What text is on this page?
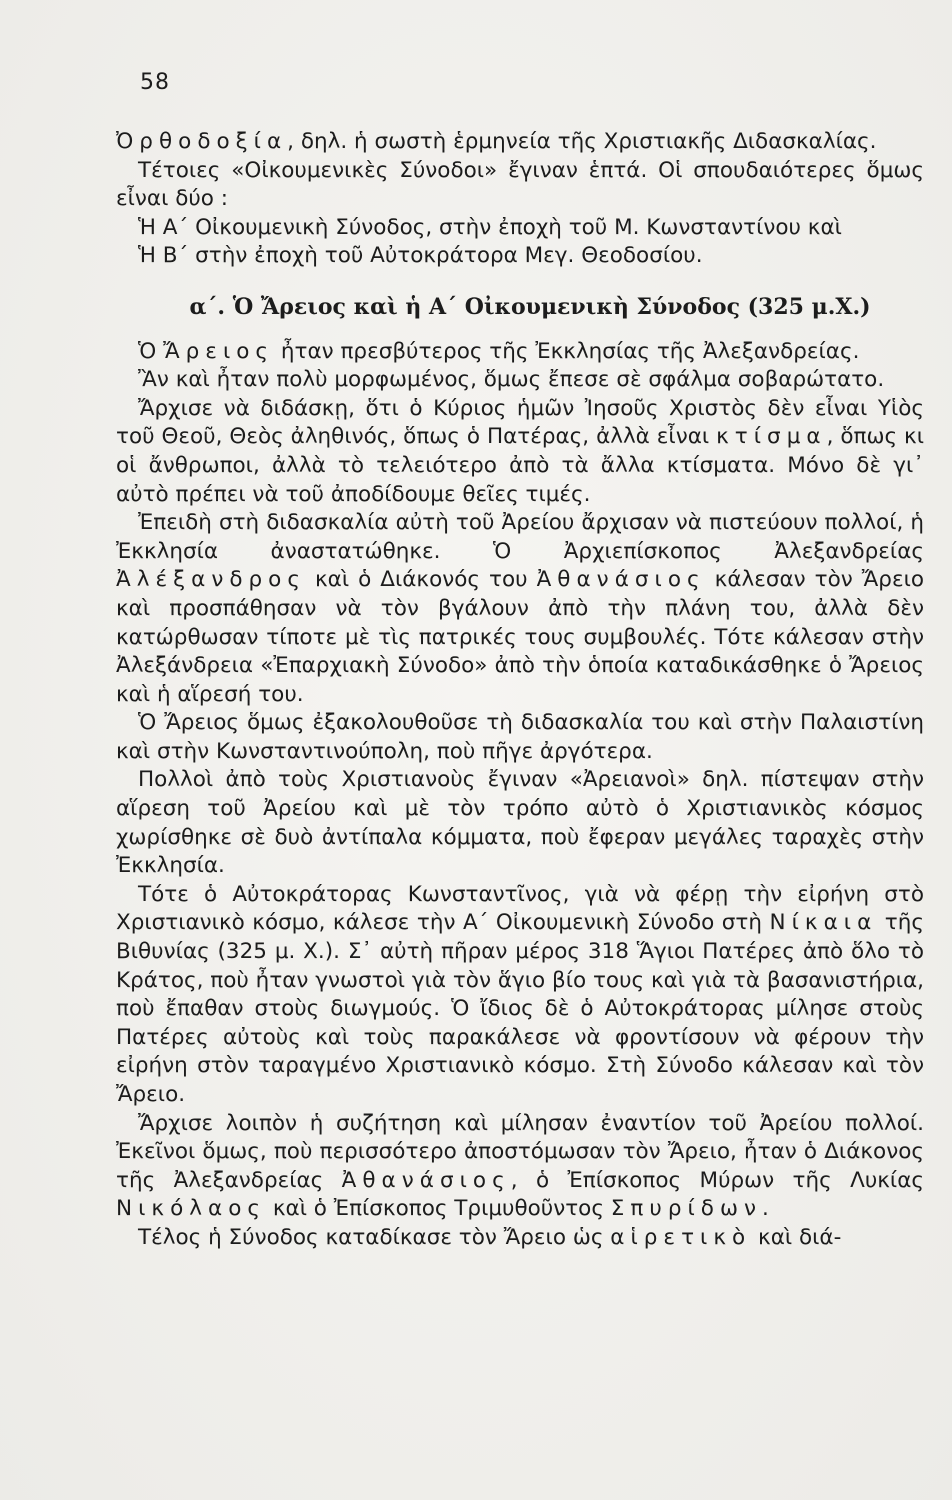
58

Ὀρθοδοξία, δηλ. ἡ σωστὴ ἑρμηνεία τῆς Χριστιακῆς Διδασκαλίας.

Τέτοιες «Οἰκουμενικὲς Σύνοδοι» ἔγιναν ἑπτά. Οἱ σπουδαιότερες ὅμως εἶναι δύο :

Ἡ Α΄ Οἰκουμενικὴ Σύνοδος, στὴν ἐποχὴ τοῦ Μ. Κωνσταντίνου καὶ

Ἡ Β΄ στὴν ἐποχὴ τοῦ Αὐτοκράτορα Μεγ. Θεοδοσίου.

α΄. Ὁ Ἄρειος καὶ ἡ Α΄ Οἰκουμενικὴ Σύνοδος (325 μ.Χ.)

Ὁ Ἄρειος ἦταν πρεσβύτερος τῆς Ἐκκλησίας τῆς Ἀλεξανδρείας.

Ἂν καὶ ἦταν πολὺ μορφωμένος, ὅμως ἔπεσε σὲ σφάλμα σοβαρώτατο.

Ἄρχισε νὰ διδάσκῃ, ὅτι ὁ Κύριος ἡμῶν Ἰησοῦς Χριστὸς δὲν εἶναι Υἱὸς τοῦ Θεοῦ, Θεὸς ἀληθινός, ὅπως ὁ Πατέρας, ἀλλὰ εἶναι κτίσμα, ὅπως κι οἱ ἄνθρωποι, ἀλλὰ τὸ τελειότερο ἀπὸ τὰ ἄλλα κτίσματα. Μόνο δὲ γι᾽ αὐτὸ πρέπει νὰ τοῦ ἀποδίδουμε θεῖες τιμές.

Ἐπειδὴ στὴ διδασκαλία αὐτὴ τοῦ Ἀρείου ἄρχισαν νὰ πιστεύουν πολλοί, ἡ Ἐκκλησία ἀναστατώθηκε. Ὁ Ἀρχιεπίσκοπος Ἀλεξανδρείας Ἀλέξανδρος καὶ ὁ Διάκονός του Ἀθανάσιος κάλεσαν τὸν Ἄρειο καὶ προσπάθησαν νὰ τὸν βγάλουν ἀπὸ τὴν πλάνη του, ἀλλὰ δὲν κατώρθωσαν τίποτε μὲ τὶς πατρικές τους συμβουλές. Τότε κάλεσαν στὴν Ἀλεξάνδρεια «Ἐπαρχιακὴ Σύνοδο» ἀπὸ τὴν ὁποία καταδικάσθηκε ὁ Ἄρειος καὶ ἡ αἵρεσή του.

Ὁ Ἄρειος ὅμως ἐξακολουθοῦσε τὴ διδασκαλία του καὶ στὴν Παλαιστίνη καὶ στὴν Κωνσταντινούπολη, ποὺ πῆγε ἀργότερα.

Πολλοὶ ἀπὸ τοὺς Χριστιανοὺς ἔγιναν «Ἀρειανοὶ» δηλ. πίστεψαν στὴν αἵρεση τοῦ Ἀρείου καὶ μὲ τὸν τρόπο αὐτὸ ὁ Χριστιανικὸς κόσμος χωρίσθηκε σὲ δυὸ ἀντίπαλα κόμματα, ποὺ ἔφεραν μεγάλες ταραχὲς στὴν Ἐκκλησία.

Τότε ὁ Αὐτοκράτορας Κωνσταντῖνος, γιὰ νὰ φέρῃ τὴν εἰρήνη στὸ Χριστιανικὸ κόσμο, κάλεσε τὴν Α΄ Οἰκουμενικὴ Σύνοδο στὴ Νίκαια τῆς Βιθυνίας (325 μ. Χ.). Σ᾽ αὐτὴ πῆραν μέρος 318 Ἅγιοι Πατέρες ἀπὸ ὅλο τὸ Κράτος, ποὺ ἦταν γνωστοὶ γιὰ τὸν ἅγιο βίο τους καὶ γιὰ τὰ βασανιστήρια, ποὺ ἔπαθαν στοὺς διωγμούς. Ὁ ἴδιος δὲ ὁ Αὐτοκράτορας μίλησε στοὺς Πατέρες αὐτοὺς καὶ τοὺς παρακάλεσε νὰ φροντίσουν νὰ φέρουν τὴν εἰρήνη στὸν ταραγμένο Χριστιανικὸ κόσμο. Στὴ Σύνοδο κάλεσαν καὶ τὸν Ἄρειο.

Ἄρχισε λοιπὸν ἡ συζήτηση καὶ μίλησαν ἐναντίον τοῦ Ἀρείου πολλοί. Ἐκεῖνοι ὅμως, ποὺ περισσότερο ἀποστόμωσαν τὸν Ἄρειο, ἦταν ὁ Διάκονος τῆς Ἀλεξανδρείας Ἀθανάσιος, ὁ Ἐπίσκοπος Μύρων τῆς Λυκίας Νικόλαος καὶ ὁ Ἐπίσκοπος Τριμυθοῦντος Σπυρίδων.

Τέλος ἡ Σύνοδος καταδίκασε τὸν Ἄρειο ὡς αἱρετικὸ καὶ διά-
